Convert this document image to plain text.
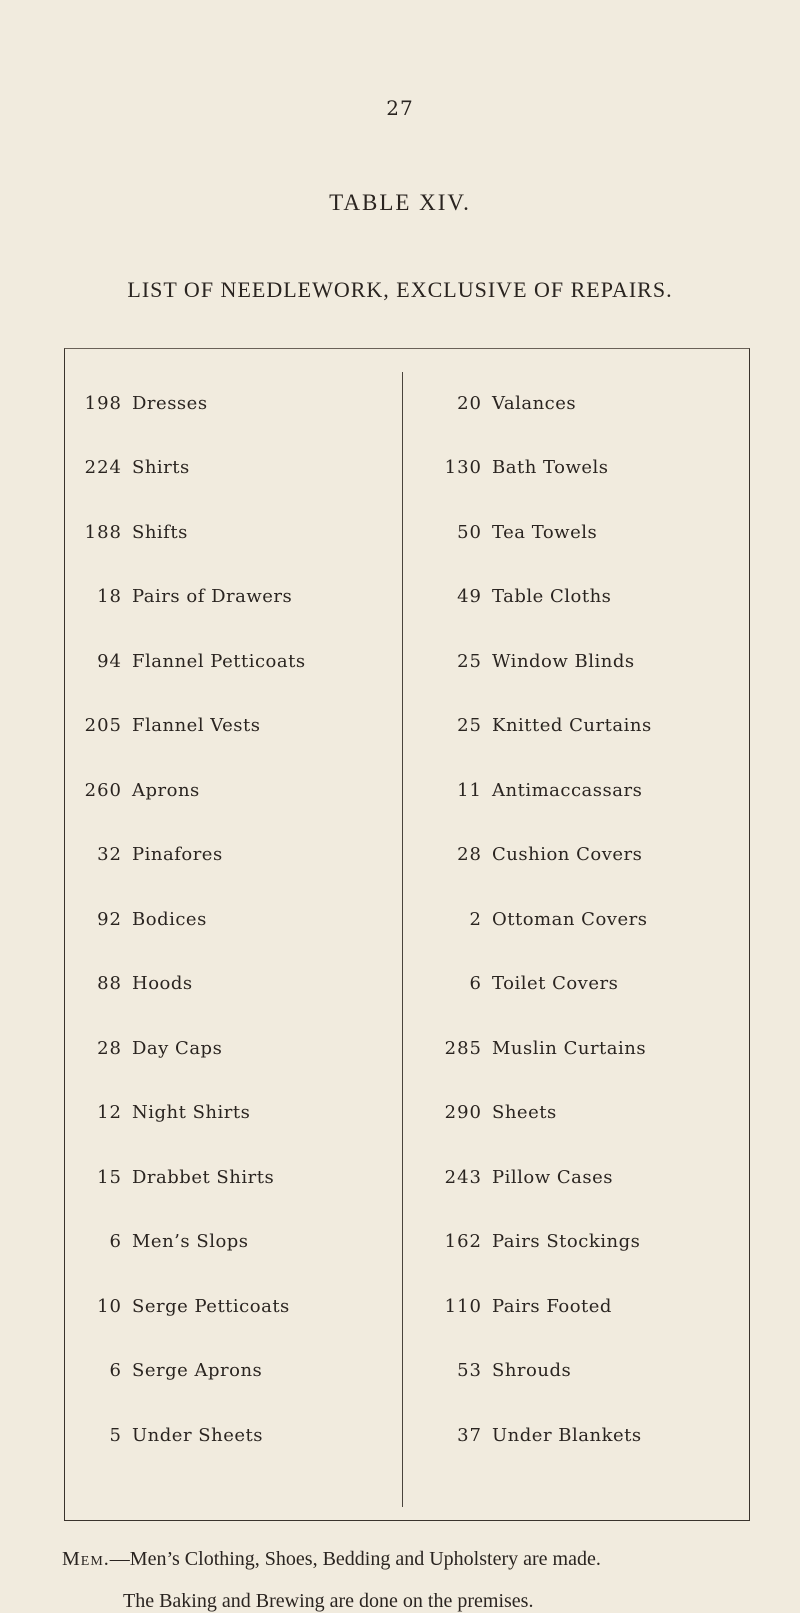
27
TABLE XIV.
LIST OF NEEDLEWORK, EXCLUSIVE OF REPAIRS.
198 Dresses
224 Shirts
188 Shifts
18 Pairs of Drawers
94 Flannel Petticoats
205 Flannel Vests
260 Aprons
32 Pinafores
92 Bodices
88 Hoods
28 Day Caps
12 Night Shirts
15 Drabbet Shirts
6 Men’s Slops
10 Serge Petticoats
6 Serge Aprons
5 Under Sheets
20 Valances
130 Bath Towels
50 Tea Towels
49 Table Cloths
25 Window Blinds
25 Knitted Curtains
11 Antimaccassars
28 Cushion Covers
2 Ottoman Covers
6 Toilet Covers
285 Muslin Curtains
290 Sheets
243 Pillow Cases
162 Pairs Stockings
110 Pairs Footed
53 Shrouds
37 Under Blankets
Mem.—Men’s Clothing, Shoes, Bedding and Upholstery are made.
The Baking and Brewing are done on the premises.
